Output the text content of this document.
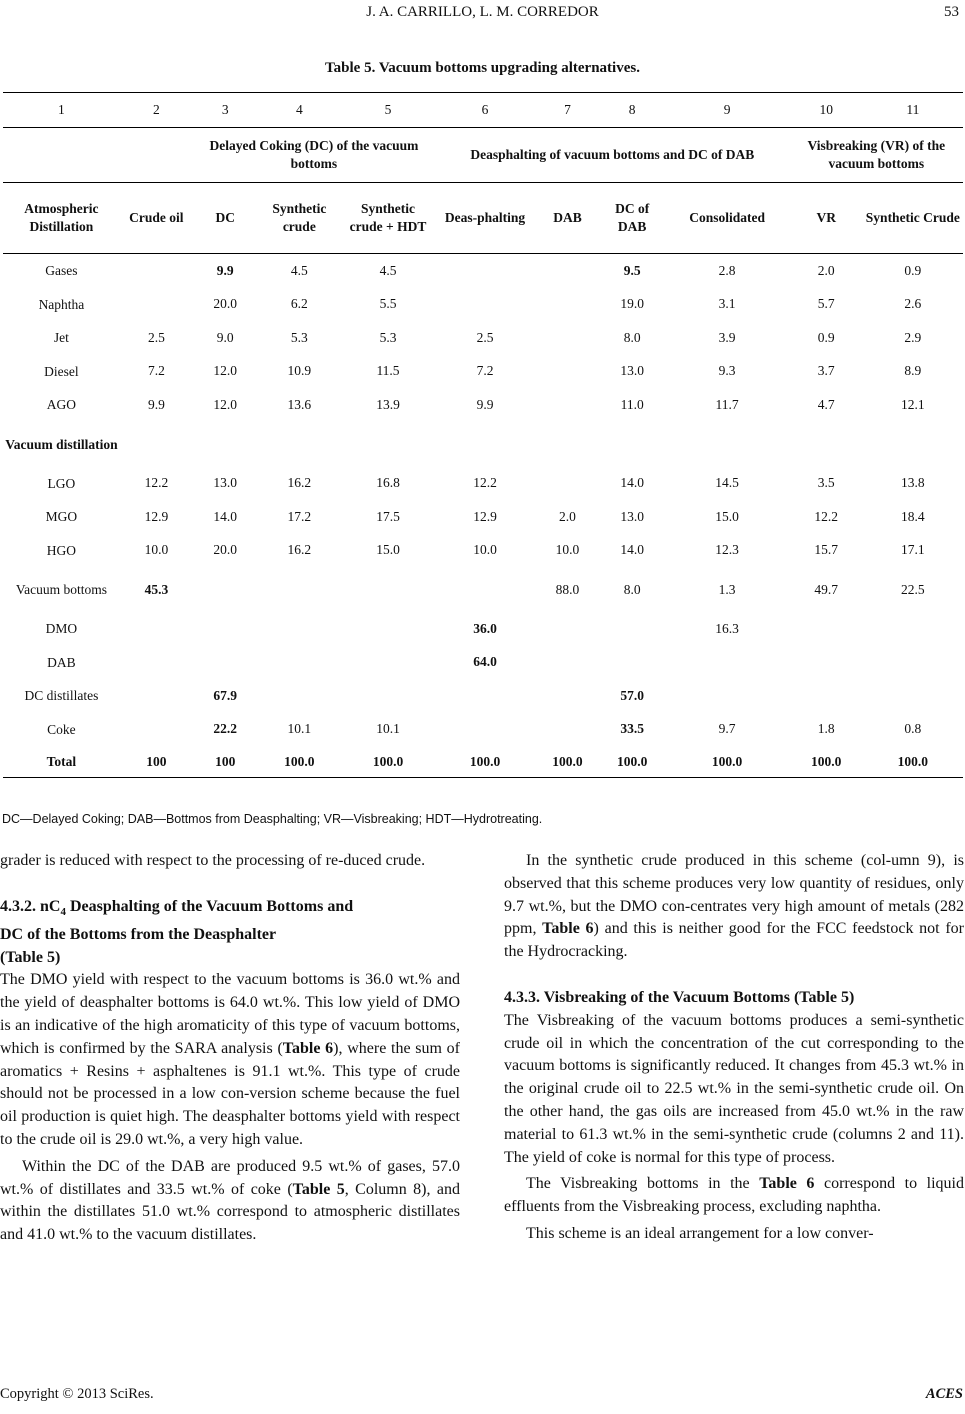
J. A. CARRILLO, L. M. CORREDOR	53
Table 5. Vacuum bottoms upgrading alternatives.
1	2	3	4	5	6	7	8	9	10	11
		Delayed Coking (DC) of the vacuum bottoms			Deasphalting of vacuum bottoms and DC of DAB				Visbreaking (VR) of the vacuum bottoms	
Atmospheric Distillation	Crude oil	DC	Synthetic crude	Synthetic crude + HDT	Deas-phalting	DAB	DC of DAB	Consolidated	VR	Synthetic Crude
Gases		9.9	4.5	4.5			9.5	2.8	2.0	0.9
Naphtha		20.0	6.2	5.5			19.0	3.1	5.7	2.6
Jet	2.5	9.0	5.3	5.3	2.5		8.0	3.9	0.9	2.9
Diesel	7.2	12.0	10.9	11.5	7.2		13.0	9.3	3.7	8.9
AGO	9.9	12.0	13.6	13.9	9.9		11.0	11.7	4.7	12.1
Vacuum distillation										
LGO	12.2	13.0	16.2	16.8	12.2		14.0	14.5	3.5	13.8
MGO	12.9	14.0	17.2	17.5	12.9	2.0	13.0	15.0	12.2	18.4
HGO	10.0	20.0	16.2	15.0	10.0	10.0	14.0	12.3	15.7	17.1
Vacuum bottoms	45.3					88.0	8.0	1.3	49.7	22.5
DMO					36.0			16.3		
DAB					64.0					
DC distillates		67.9					57.0			
Coke		22.2	10.1	10.1			33.5	9.7	1.8	0.8
Total	100	100	100.0	100.0	100.0	100.0	100.0	100.0	100.0	100.0
DC—Delayed Coking; DAB—Bottmos from Deasphalting; VR—Visbreaking; HDT—Hydrotreating.

grader is reduced with respect to the processing of re-duced crude.

4.3.2. $nC_4$ Deasphalting of the Vacuum Bottoms and
DC of the Bottoms from the Deasphalter
(Table 5)

The DMO yield with respect to the vacuum bottoms is 36.0 wt.% and the yield of deasphalter bottoms is 64.0 wt.%. This low yield of DMO is an indicative of the high aromaticity of this type of vacuum bottoms, which is confirmed by the SARA analysis (Table 6), where the sum of aromatics + Resins + asphaltenes is 91.1 wt.%. This type of crude should not be processed in a low con-version scheme because the fuel oil production is quiet high. The deasphalter bottoms yield with respect to the crude oil is 29.0 wt.%, a very high value.

Within the DC of the DAB are produced 9.5 wt.% of gases, 57.0 wt.% of distillates and 33.5 wt.% of coke (Table 5, Column 8), and within the distillates 51.0 wt.% correspond to atmospheric distillates and 41.0 wt.% to the vacuum distillates.

In the synthetic crude produced in this scheme (col-umn 9), is observed that this scheme produces very low quantity of residues, only 9.7 wt.%, but the DMO con-centrates very high amount of metals (282 ppm, Table 6) and this is neither good for the FCC feedstock not for the Hydrocracking.

4.3.3. Visbreaking of the Vacuum Bottoms (Table 5)

The Visbreaking of the vacuum bottoms produces a semi-synthetic crude oil in which the concentration of the cut corresponding to the vacuum bottoms is significantly reduced. It changes from 45.3 wt.% in the original crude oil to 22.5 wt.% in the semi-synthetic crude oil. On the other hand, the gas oils are increased from 45.0 wt.% in the raw material to 61.3 wt.% in the semi-synthetic crude (columns 2 and 11). The yield of coke is normal for this type of process.

The Visbreaking bottoms in the Table 6 correspond to liquid effluents from the Visbreaking process, excluding naphtha.

This scheme is an ideal arrangement for a low conver-

Copyright © 2013 SciRes.	ACES
